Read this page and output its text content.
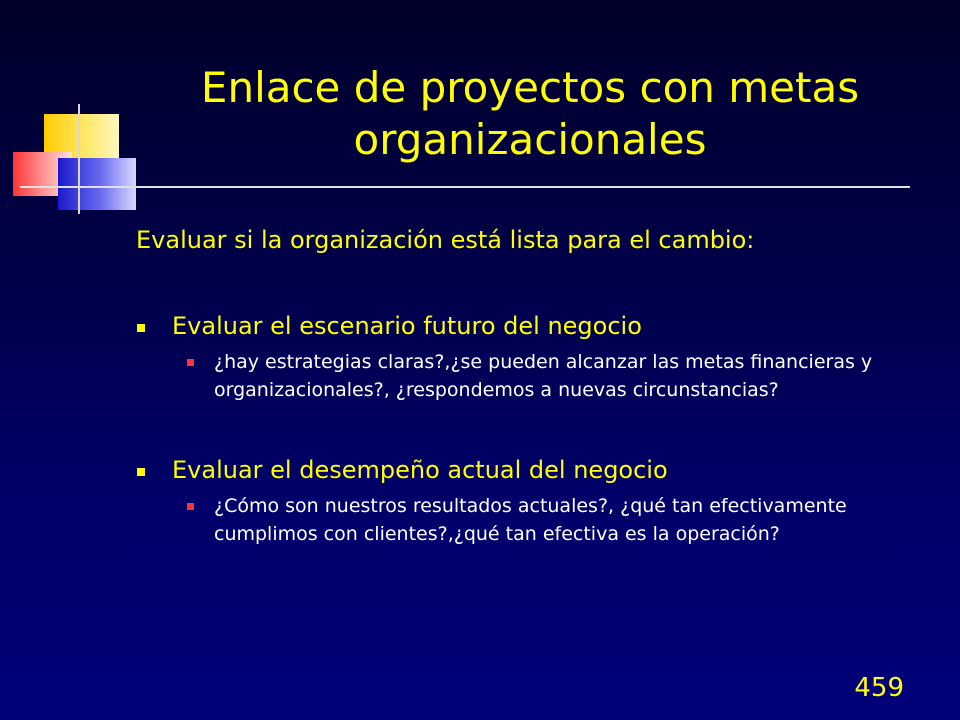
Enlace de proyectos con metas organizacionales

Evaluar si la organización está lista para el cambio:

Evaluar el escenario futuro del negocio
¿hay estrategias claras?,¿se pueden alcanzar las metas financieras y organizacionales?, ¿respondemos a nuevas circunstancias?
Evaluar el desempeño actual del negocio
¿Cómo son nuestros resultados actuales?, ¿qué tan efectivamente cumplimos con clientes?,¿qué tan efectiva es la operación?
459
